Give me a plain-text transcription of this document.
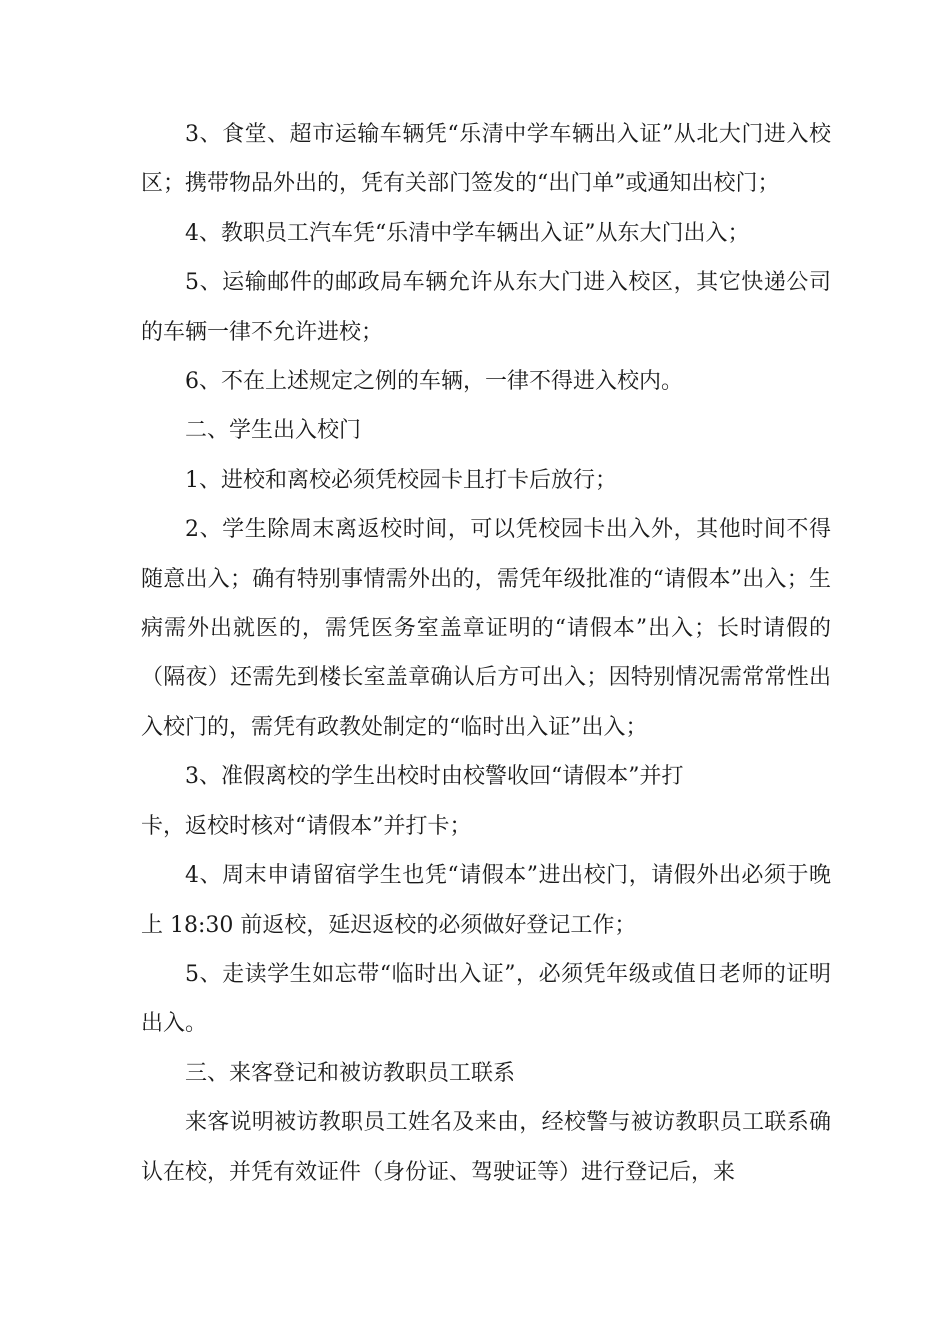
3、食堂、超市运输车辆凭“乐清中学车辆出入证”从北大门进入校区；携带物品外出的，凭有关部门签发的“出门单”或通知出校门；

4、教职员工汽车凭“乐清中学车辆出入证”从东大门出入；

5、运输邮件的邮政局车辆允许从东大门进入校区，其它快递公司的车辆一律不允许进校；

6、不在上述规定之例的车辆，一律不得进入校内。

二、学生出入校门

1、进校和离校必须凭校园卡且打卡后放行；

2、学生除周末离返校时间，可以凭校园卡出入外，其他时间不得随意出入；确有特别事情需外出的，需凭年级批准的“请假本”出入；生病需外出就医的，需凭医务室盖章证明的“请假本”出入；长时请假的（隔夜）还需先到楼长室盖章确认后方可出入；因特别情况需常常性出入校门的，需凭有政教处制定的“临时出入证”出入；

3、准假离校的学生出校时由校警收回“请假本”并打

卡，返校时核对“请假本”并打卡；

4、周末申请留宿学生也凭“请假本”进出校门，请假外出必须于晚上 18:30 前返校，延迟返校的必须做好登记工作；

5、走读学生如忘带“临时出入证”，必须凭年级或值日老师的证明出入。

三、来客登记和被访教职员工联系

来客说明被访教职员工姓名及来由，经校警与被访教职员工联系确认在校，并凭有效证件（身份证、驾驶证等）进行登记后，来
